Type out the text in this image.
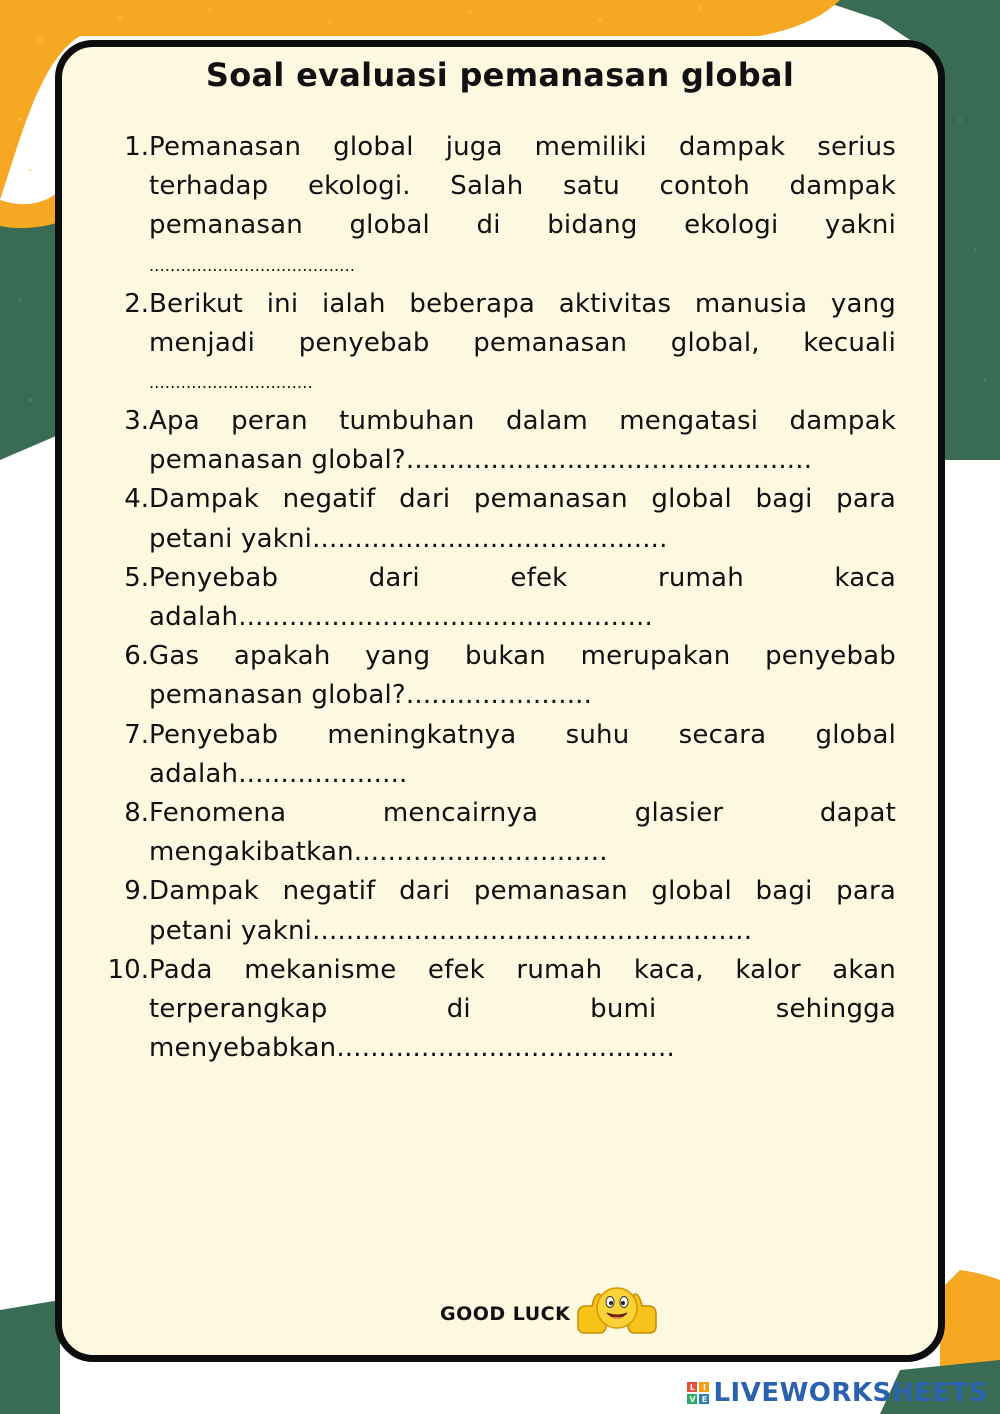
Soal evaluasi pemanasan global
1. Pemanasan global juga memiliki dampak serius terhadap ekologi. Salah satu contoh dampak pemanasan global di bidang ekologi yakni
.......................................
2. Berikut ini ialah beberapa aktivitas manusia yang menjadi penyebab pemanasan global, kecuali
...............................
3. Apa peran tumbuhan dalam mengatasi dampak pemanasan global?................................................
4. Dampak negatif dari pemanasan global bagi para petani yakni..........................................
5. Penyebab dari efek rumah kaca adalah.................................................
6. Gas apakah yang bukan merupakan penyebab pemanasan global?......................
7. Penyebab meningkatnya suhu secara global adalah....................
8. Fenomena mencairnya glasier dapat mengakibatkan..............................
9. Dampak negatif dari pemanasan global bagi para petani yakni....................................................
10. Pada mekanisme efek rumah kaca, kalor akan terperangkap di bumi sehingga menyebabkan........................................
GOOD LUCK
L I
V E LIVEWORKSHEETS
